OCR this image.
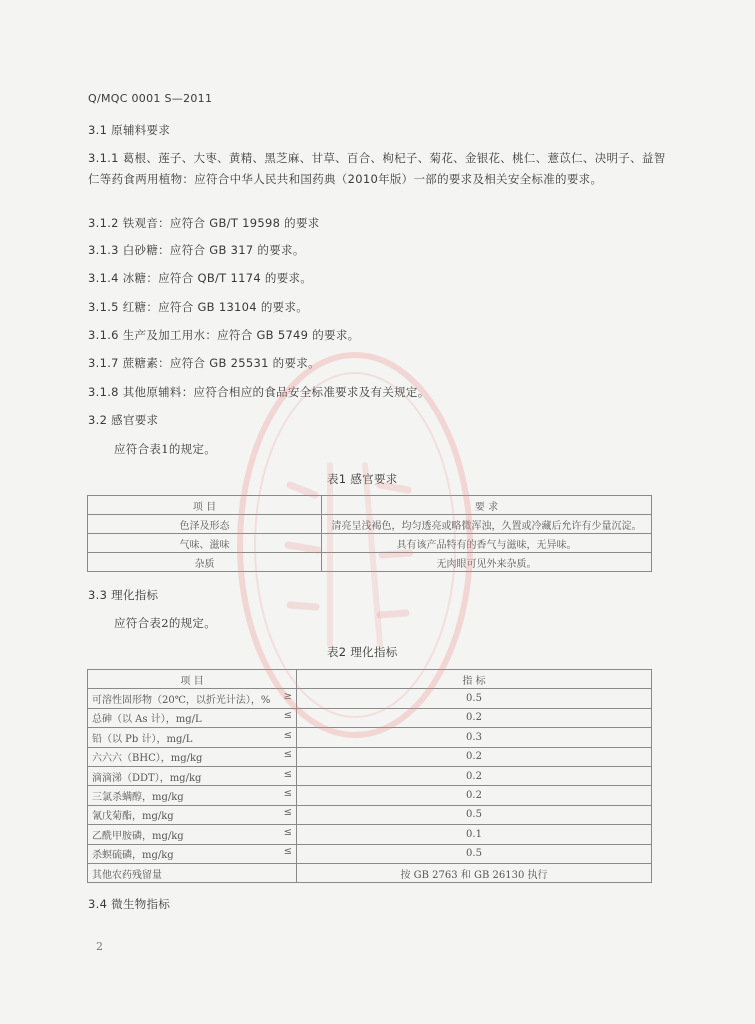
Q/MQC 0001 S—2011
3.1 原辅料要求
3.1.1 葛根、莲子、大枣、黄精、黑芝麻、甘草、百合、枸杞子、菊花、金银花、桃仁、薏苡仁、决明子、益智仁等药食两用植物：应符合中华人民共和国药典（2010年版）一部的要求及相关安全标准的要求。
3.1.2 铁观音：应符合 GB/T 19598 的要求
3.1.3 白砂糖：应符合 GB 317 的要求。
3.1.4 冰糖：应符合 QB/T 1174 的要求。
3.1.5 红糖：应符合 GB 13104 的要求。
3.1.6 生产及加工用水：应符合 GB 5749 的要求。
3.1.7 蔗糖素：应符合 GB 25531 的要求。
3.1.8 其他原辅料：应符合相应的食品安全标准要求及有关规定。
3.2 感官要求
应符合表1的规定。
表1 感官要求
项 目	要 求
色泽及形态	清亮呈浅褐色，均匀透亮或略微浑浊，久置或冷藏后允许有少量沉淀。
气味、滋味	具有该产品特有的香气与滋味，无异味。
杂质	无肉眼可见外来杂质。
3.3 理化指标
应符合表2的规定。
表2 理化指标
项 目	指 标
可溶性固形物（20℃，以折光计法），% ≥	0.5
总砷（以 As 计），mg/L ≤	0.2
铅（以 Pb 计），mg/L ≤	0.3
六六六（BHC），mg/kg ≤	0.2
滴滴涕（DDT），mg/kg ≤	0.2
三氯杀螨醇，mg/kg ≤	0.2
氰戊菊酯，mg/kg ≤	0.5
乙酰甲胺磷，mg/kg ≤	0.1
杀螟硫磷，mg/kg ≤	0.5
其他农药残留量	按 GB 2763 和 GB 26130 执行
3.4 微生物指标
2
